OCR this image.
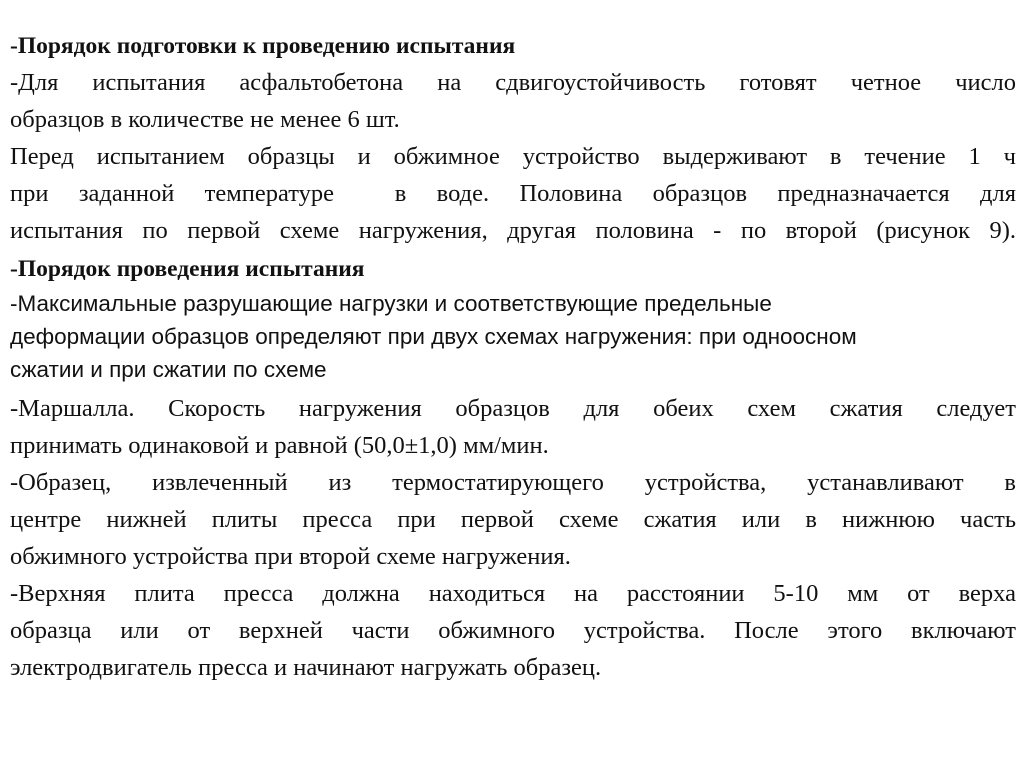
-Порядок подготовки к проведению испытания
-Для испытания асфальтобетона на сдвигоустойчивость готовят четное число
образцов в количестве не менее 6 шт.
Перед испытанием образцы и обжимное устройство выдерживают в течение 1 ч
при заданной температуре  в воде. Половина образцов предназначается для
испытания по первой схеме нагружения, другая половина - по второй (рисунок 9).
-Порядок проведения испытания
-Максимальные разрушающие нагрузки и соответствующие предельные
деформации образцов определяют при двух схемах нагружения: при одноосном
сжатии и при сжатии по схеме
-Маршалла. Скорость нагружения образцов для обеих схем сжатия следует
принимать одинаковой и равной (50,0±1,0) мм/мин.
-Образец, извлеченный из термостатирующего устройства, устанавливают в
центре нижней плиты пресса при первой схеме сжатия или в нижнюю часть
обжимного устройства при второй схеме нагружения.
-Верхняя плита пресса должна находиться на расстоянии 5-10 мм от верха
образца или от верхней части обжимного устройства. После этого включают
электродвигатель пресса и начинают нагружать образец.
